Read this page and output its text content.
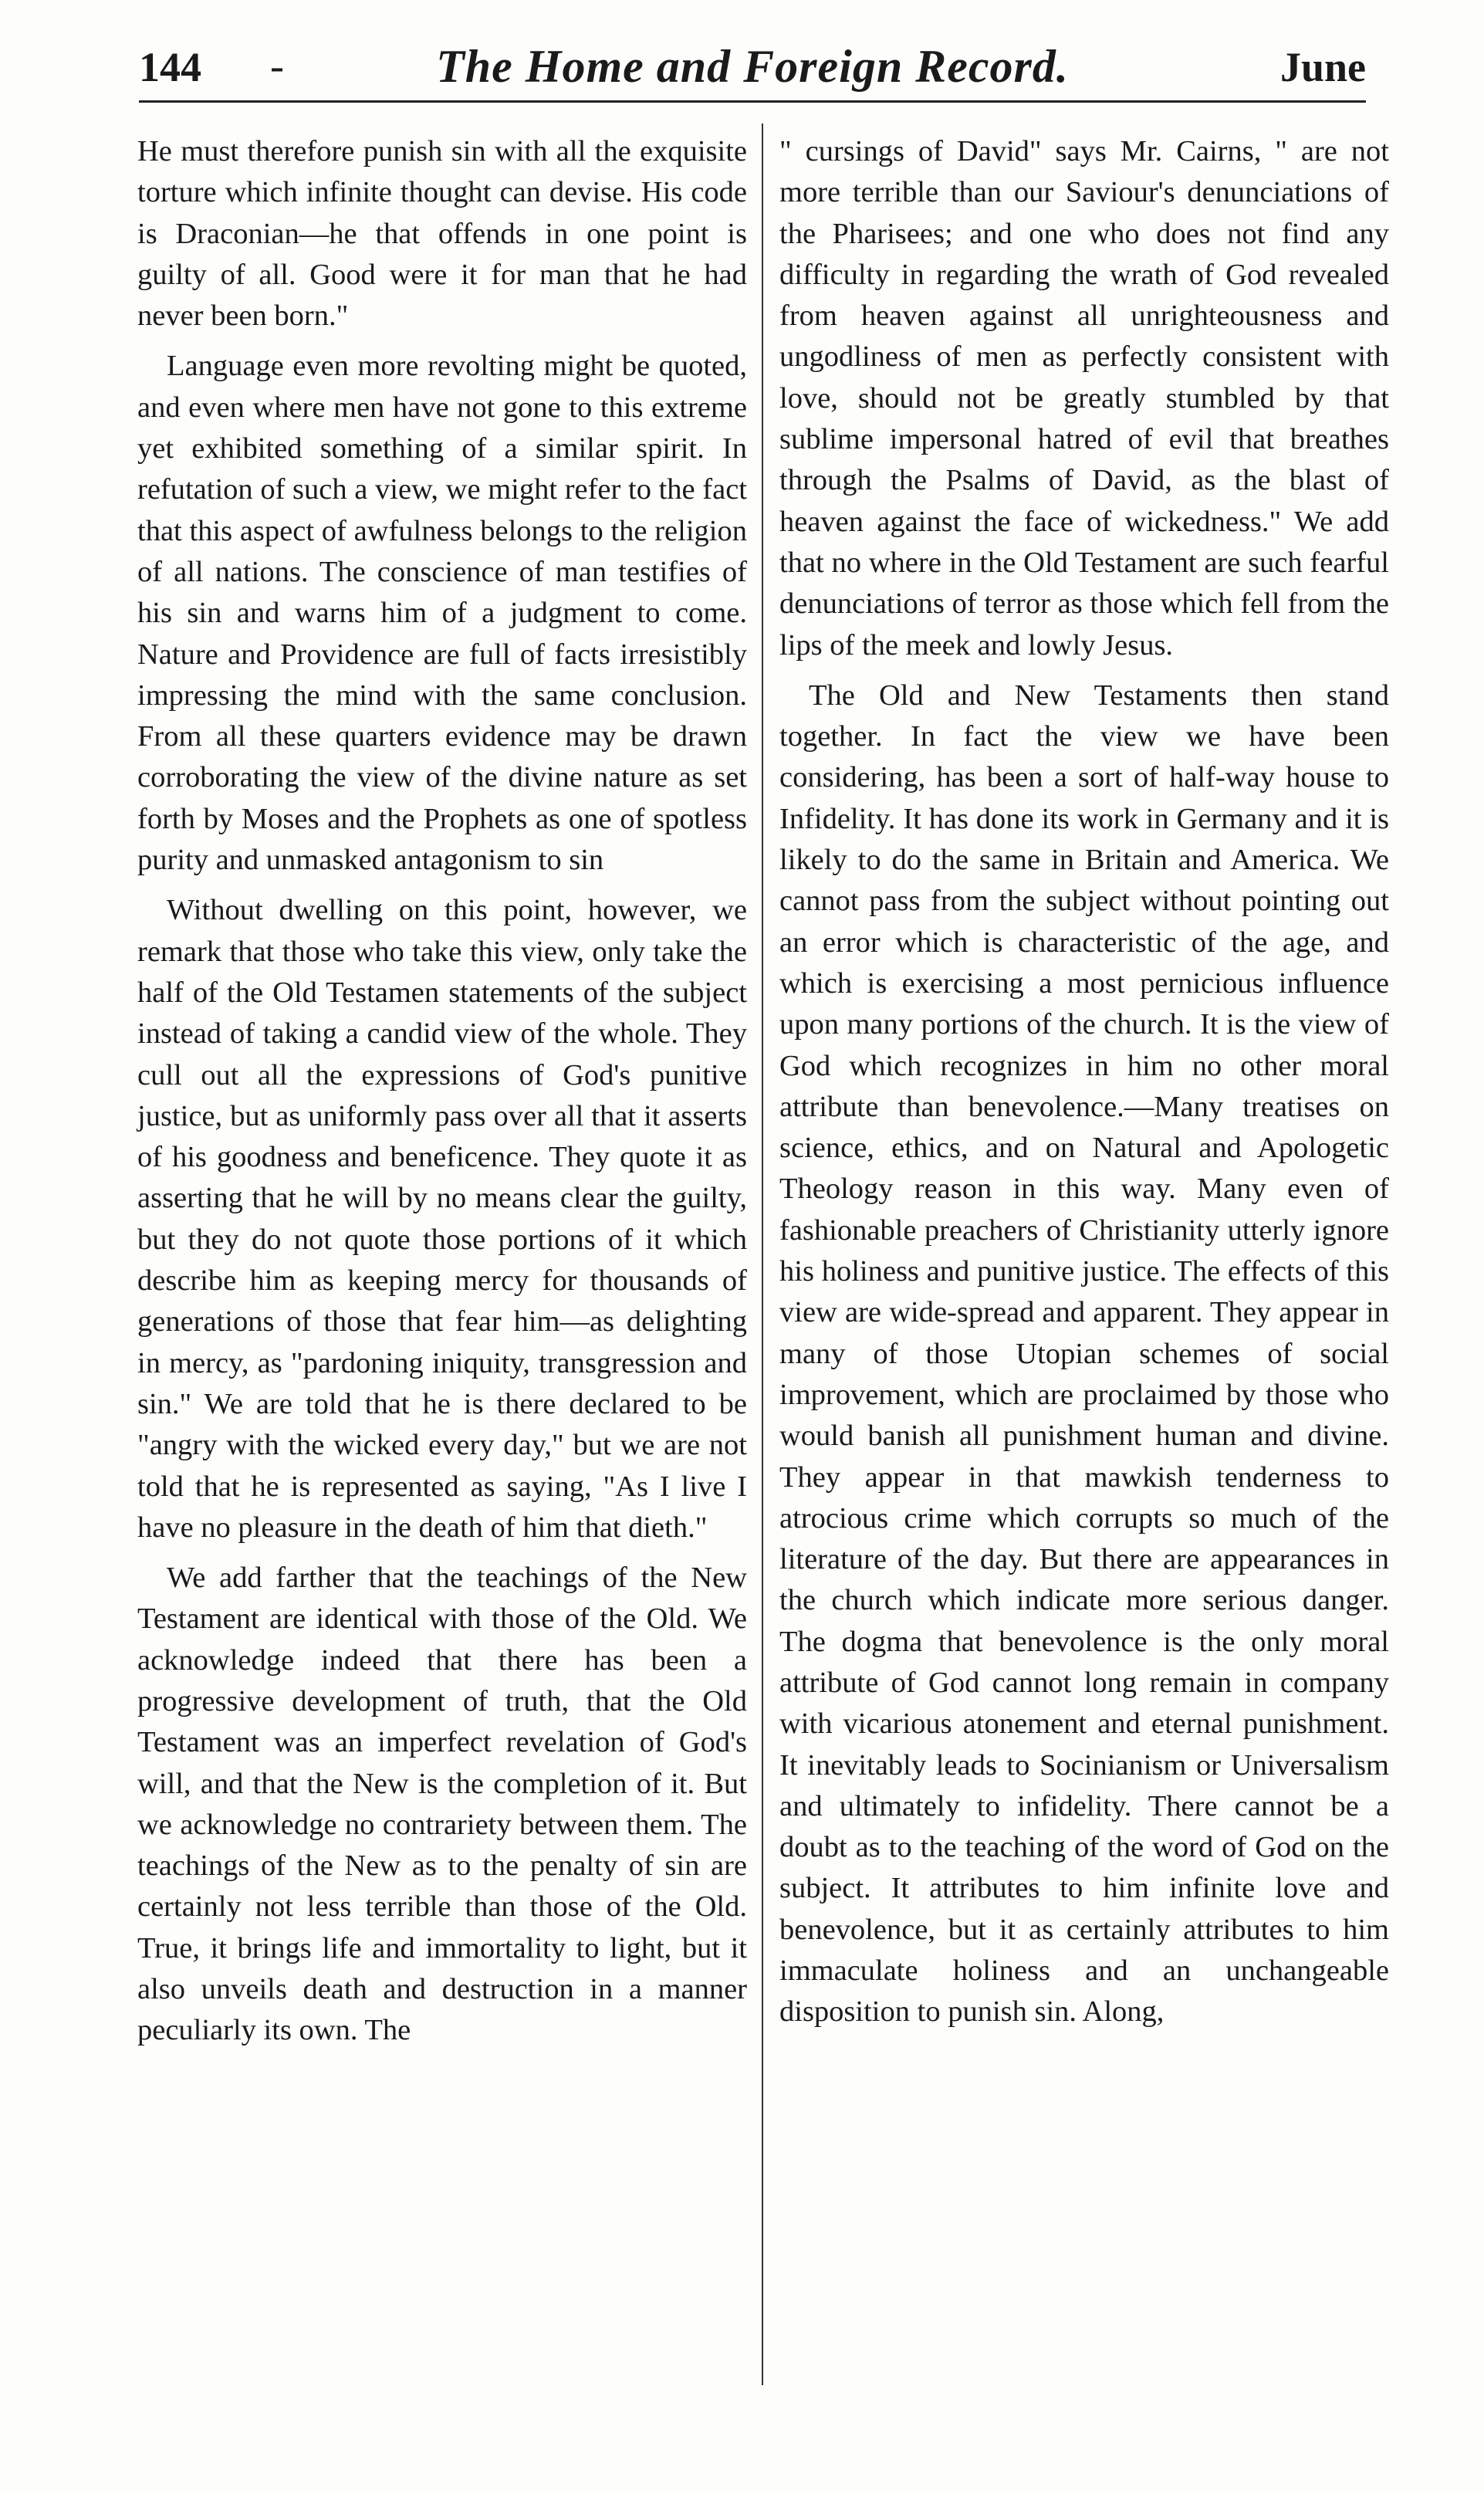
144 -	The Home and Foreign Record.	June

He must therefore punish sin with all the exquisite torture which infinite thought can devise. His code is Draconian—he that offends in one point is guilty of all. Good were it for man that he had never been born."

Language even more revolting might be quoted, and even where men have not gone to this extreme yet exhibited something of a similar spirit. In refutation of such a view, we might refer to the fact that this aspect of awfulness belongs to the religion of all nations. The conscience of man testifies of his sin and warns him of a judgment to come. Nature and Providence are full of facts irresistibly impressing the mind with the same conclusion. From all these quarters evidence may be drawn corroborating the view of the divine nature as set forth by Moses and the Prophets as one of spotless purity and unmasked antagonism to sin

Without dwelling on this point, however, we remark that those who take this view, only take the half of the Old Testamen statements of the subject instead of taking a candid view of the whole. They cull out all the expressions of God's punitive justice, but as uniformly pass over all that it asserts of his goodness and beneficence. They quote it as asserting that he will by no means clear the guilty, but they do not quote those portions of it which describe him as keeping mercy for thousands of generations of those that fear him—as delighting in mercy, as "pardoning iniquity, transgression and sin." We are told that he is there declared to be "angry with the wicked every day," but we are not told that he is represented as saying, "As I live I have no pleasure in the death of him that dieth."

We add farther that the teachings of the New Testament are identical with those of the Old. We acknowledge indeed that there has been a progressive development of truth, that the Old Testament was an imperfect revelation of God's will, and that the New is the completion of it. But we acknowledge no contrariety between them. The teachings of the New as to the penalty of sin are certainly not less terrible than those of the Old. True, it brings life and immortality to light, but it also unveils death and destruction in a manner peculiarly its own. The

" cursings of David" says Mr. Cairns, " are not more terrible than our Saviour's denunciations of the Pharisees; and one who does not find any difficulty in regarding the wrath of God revealed from heaven against all unrighteousness and ungodliness of men as perfectly consistent with love, should not be greatly stumbled by that sublime impersonal hatred of evil that breathes through the Psalms of David, as the blast of heaven against the face of wickedness." We add that no where in the Old Testament are such fearful denunciations of terror as those which fell from the lips of the meek and lowly Jesus.

The Old and New Testaments then stand together. In fact the view we have been considering, has been a sort of half-way house to Infidelity. It has done its work in Germany and it is likely to do the same in Britain and America. We cannot pass from the subject without pointing out an error which is characteristic of the age, and which is exercising a most pernicious influence upon many portions of the church. It is the view of God which recognizes in him no other moral attribute than benevolence.—Many treatises on science, ethics, and on Natural and Apologetic Theology reason in this way. Many even of fashionable preachers of Christianity utterly ignore his holiness and punitive justice. The effects of this view are wide-spread and apparent. They appear in many of those Utopian schemes of social improvement, which are proclaimed by those who would banish all punishment human and divine. They appear in that mawkish tenderness to atrocious crime which corrupts so much of the literature of the day. But there are appearances in the church which indicate more serious danger. The dogma that benevolence is the only moral attribute of God cannot long remain in company with vicarious atonement and eternal punishment. It inevitably leads to Socinianism or Universalism and ultimately to infidelity. There cannot be a doubt as to the teaching of the word of God on the subject. It attributes to him infinite love and benevolence, but it as certainly attributes to him immaculate holiness and an unchangeable disposition to punish sin. Along,
